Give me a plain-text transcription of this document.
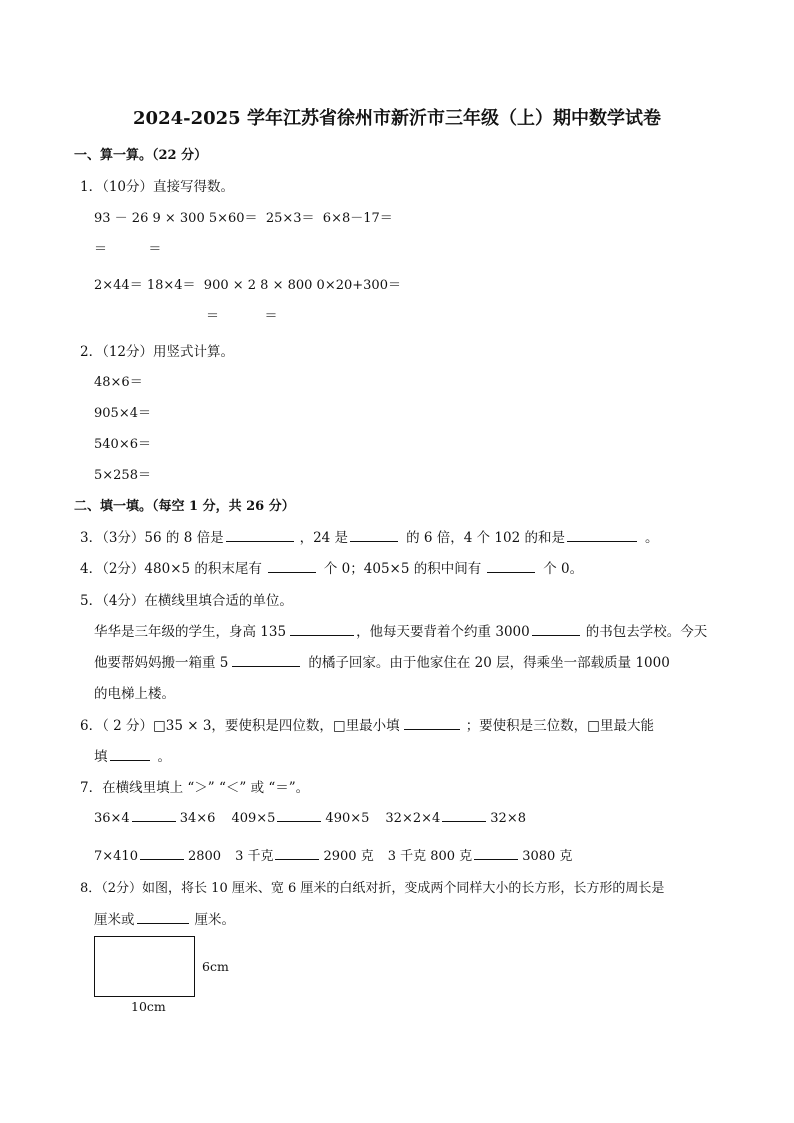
2024-2025 学年江苏省徐州市新沂市三年级（上）期中数学试卷
一、算一算。（22 分）
1．（10分）直接写得数。
93 － 26 9 × 300 5×60＝  25×3＝  6×8－17＝
＝          ＝
2×44＝ 18×4＝  900 × 2 8 × 800 0×20+300＝
＝           ＝
2．（12分）用竖式计算。
48×6＝
905×4＝
540×6＝
5×258＝
二、填一填。（每空 1 分，共 26 分）
3．（3分）56 的 8 倍是	，24 是	的 6 倍，4 个 102 的和是	。
4．（2分）480×5 的积末尾有	个 0；405×5 的积中间有	个 0。
5．（4分）在横线里填合适的单位。
华华是三年级的学生，身高 135	，他每天要背着个约重 3000	的书包去学校。今天
他要帮妈妈搬一箱重 5	的橘子回家。由于他家住在 20 层，得乘坐一部载质量 1000
的电梯上楼。
6．（ 2 分）□35 × 3，要使积是四位数，□里最小填	；要使积是三位数，□里最大能
填	。
7．在横线里填上 “＞” “＜” 或 “＝”。
36×4	34×6 409×5	490×5 32×2×4	32×8
7×410	2800 3 千克	2900 克 3 千克 800 克	3080 克
8．（2分）如图，将长 10 厘米、宽 6 厘米的白纸对折，变成两个同样大小的长方形，长方形的周长是
厘米或	厘米。
6cm
10cm
